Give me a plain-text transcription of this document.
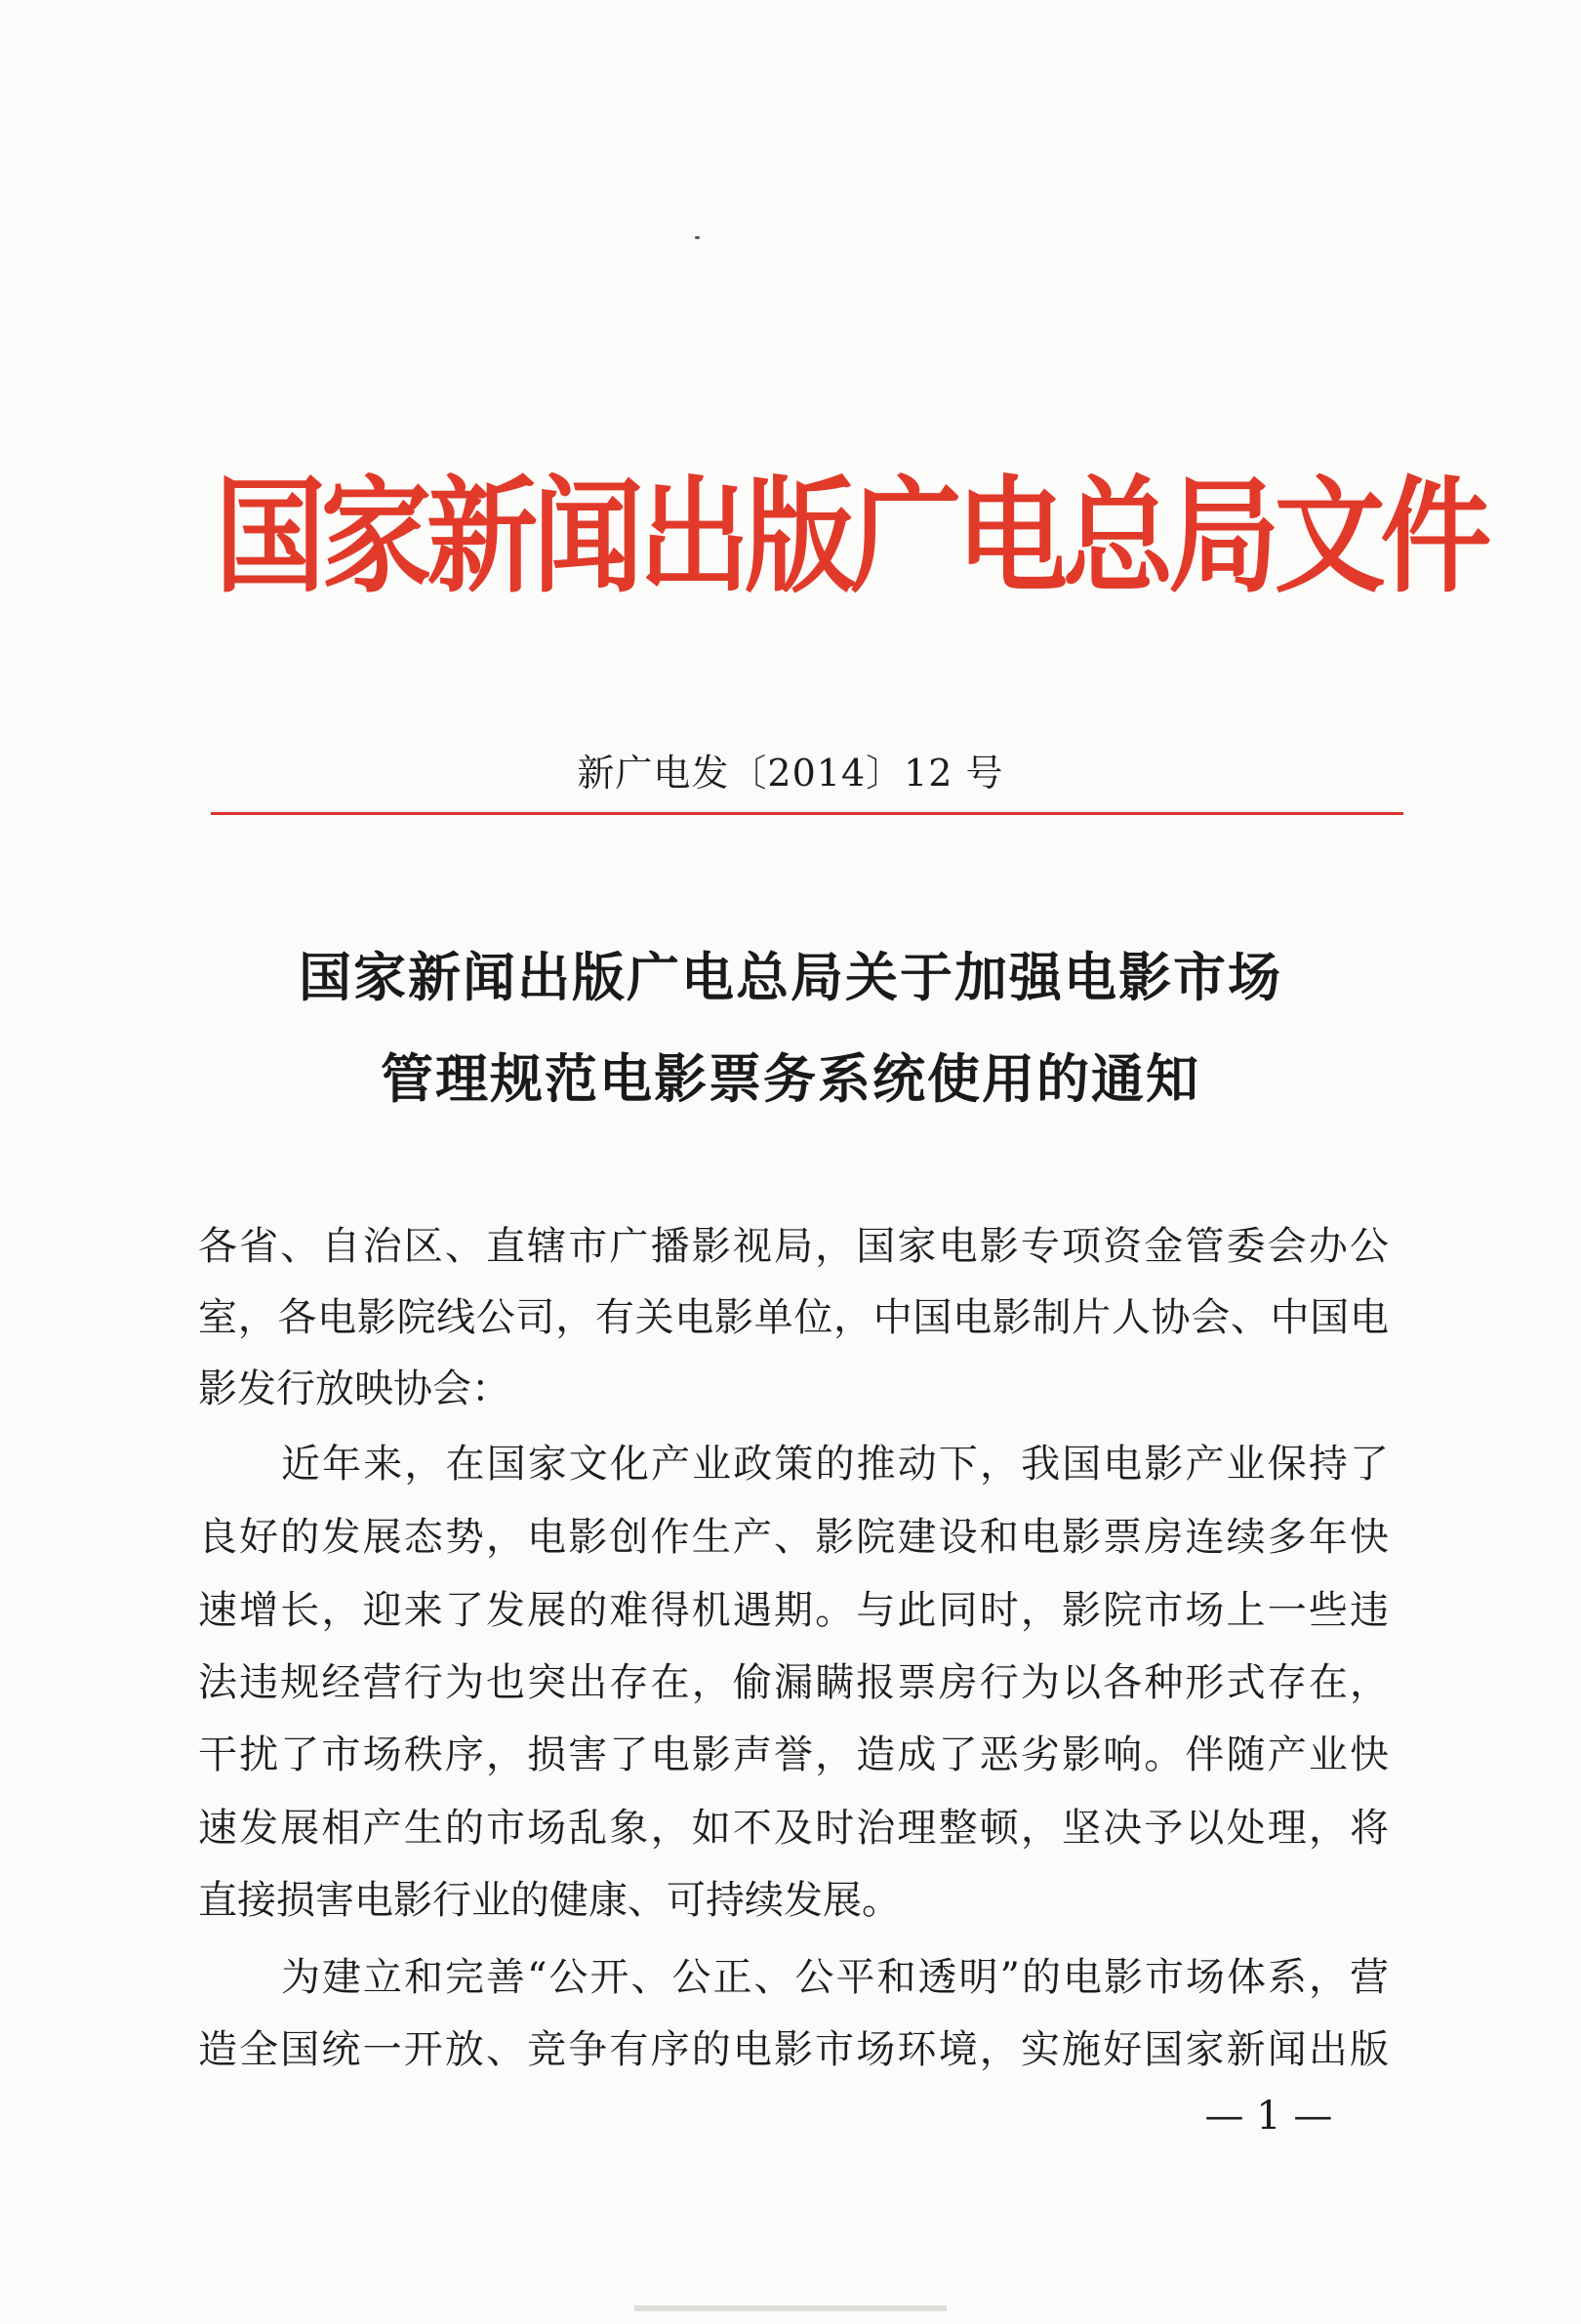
国家新闻出版广电总局文件
新广电发〔2014〕12 号
国家新闻出版广电总局关于加强电影市场
管理规范电影票务系统使用的通知
各省、自治区、直辖市广播影视局，国家电影专项资金管委会办公
室，各电影院线公司，有关电影单位，中国电影制片人协会、中国电
影发行放映协会：
近年来，在国家文化产业政策的推动下，我国电影产业保持了
良好的发展态势，电影创作生产、影院建设和电影票房连续多年快
速增长，迎来了发展的难得机遇期。与此同时，影院市场上一些违
法违规经营行为也突出存在，偷漏瞒报票房行为以各种形式存在，
干扰了市场秩序，损害了电影声誉，造成了恶劣影响。伴随产业快
速发展相产生的市场乱象，如不及时治理整顿，坚决予以处理，将
直接损害电影行业的健康、可持续发展。
为建立和完善“公开、公正、公平和透明”的电影市场体系，营
造全国统一开放、竞争有序的电影市场环境，实施好国家新闻出版
— 1 —
